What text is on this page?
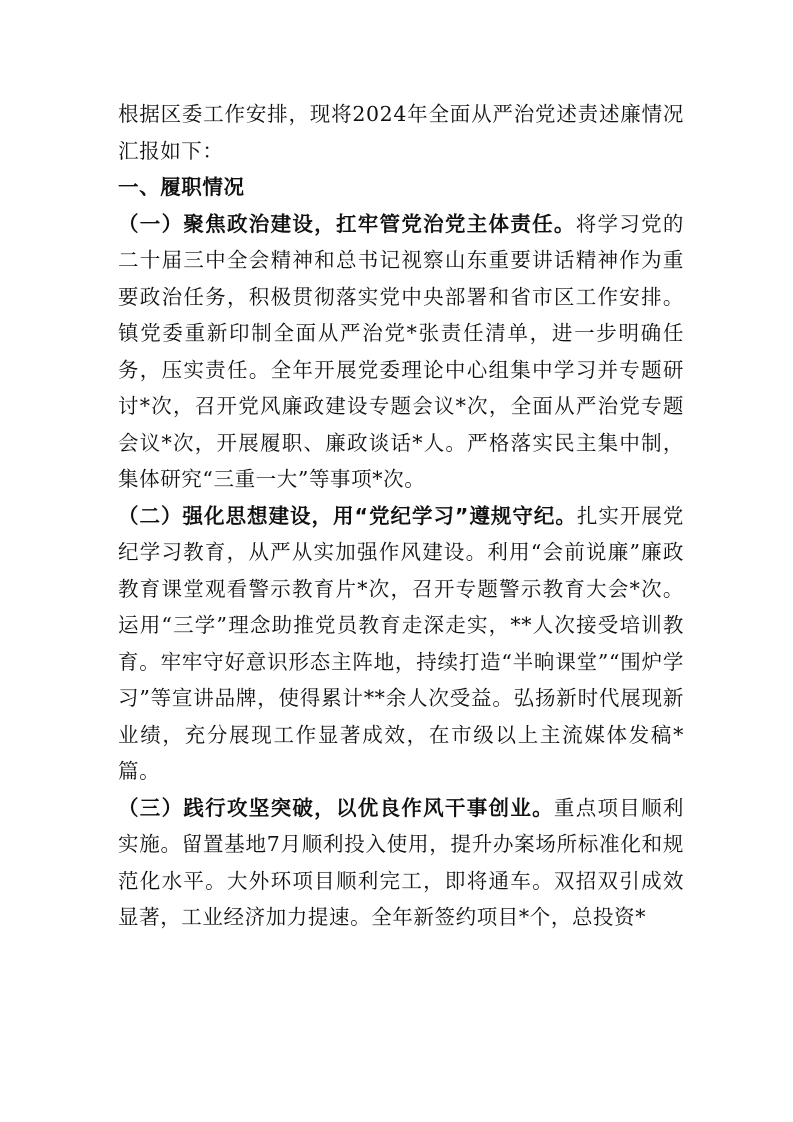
根据区委工作安排，现将2024年全面从严治党述责述廉情况汇报如下：

一、履职情况

（一）聚焦政治建设，扛牢管党治党主体责任。将学习党的二十届三中全会精神和总书记视察山东重要讲话精神作为重要政治任务，积极贯彻落实党中央部署和省市区工作安排。镇党委重新印制全面从严治党*张责任清单，进一步明确任务，压实责任。全年开展党委理论中心组集中学习并专题研讨*次，召开党风廉政建设专题会议*次，全面从严治党专题会议*次，开展履职、廉政谈话*人。严格落实民主集中制，集体研究“三重一大”等事项*次。

（二）强化思想建设，用“党纪学习”遵规守纪。扎实开展党纪学习教育，从严从实加强作风建设。利用“会前说廉”廉政教育课堂观看警示教育片*次，召开专题警示教育大会*次。运用“三学”理念助推党员教育走深走实，**人次接受培训教育。牢牢守好意识形态主阵地，持续打造“半晌课堂”“围炉学习”等宣讲品牌，使得累计**余人次受益。弘扬新时代展现新业绩，充分展现工作显著成效，在市级以上主流媒体发稿*篇。

（三）践行攻坚突破，以优良作风干事创业。重点项目顺利实施。留置基地7月顺利投入使用，提升办案场所标准化和规范化水平。大外环项目顺利完工，即将通车。双招双引成效显著，工业经济加力提速。全年新签约项目*个，总投资*
